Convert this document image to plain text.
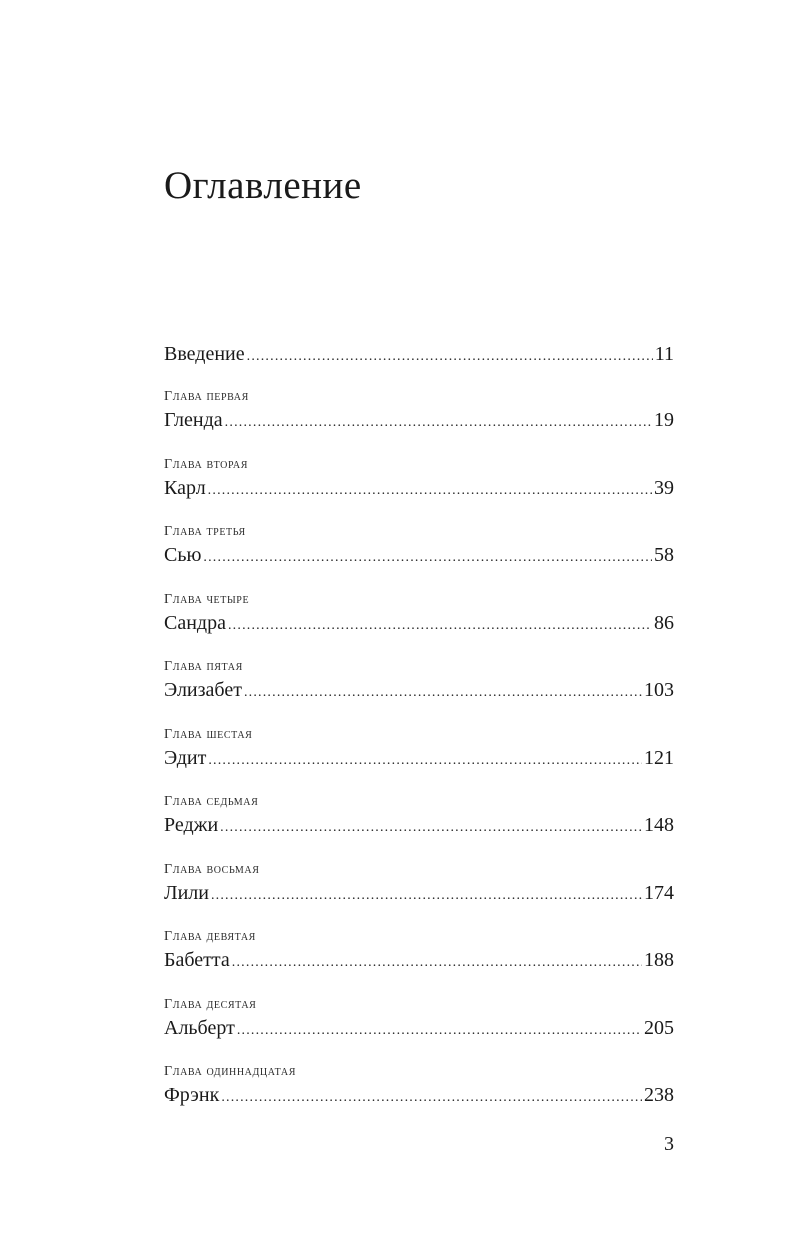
Оглавление
Введение .....	11
Глава первая
Гленда .....	19
Глава вторая
Карл .....	39
Глава третья
Сью .....	58
Глава четыре
Сандра .....	86
Глава пятая
Элизабет .....	103
Глава шестая
Эдит .....	121
Глава седьмая
Реджи .....	148
Глава восьмая
Лили .....	174
Глава девятая
Бабетта .....	188
Глава десятая
Альберт .....	205
Глава одиннадцатая
Фрэнк .....	238
3
